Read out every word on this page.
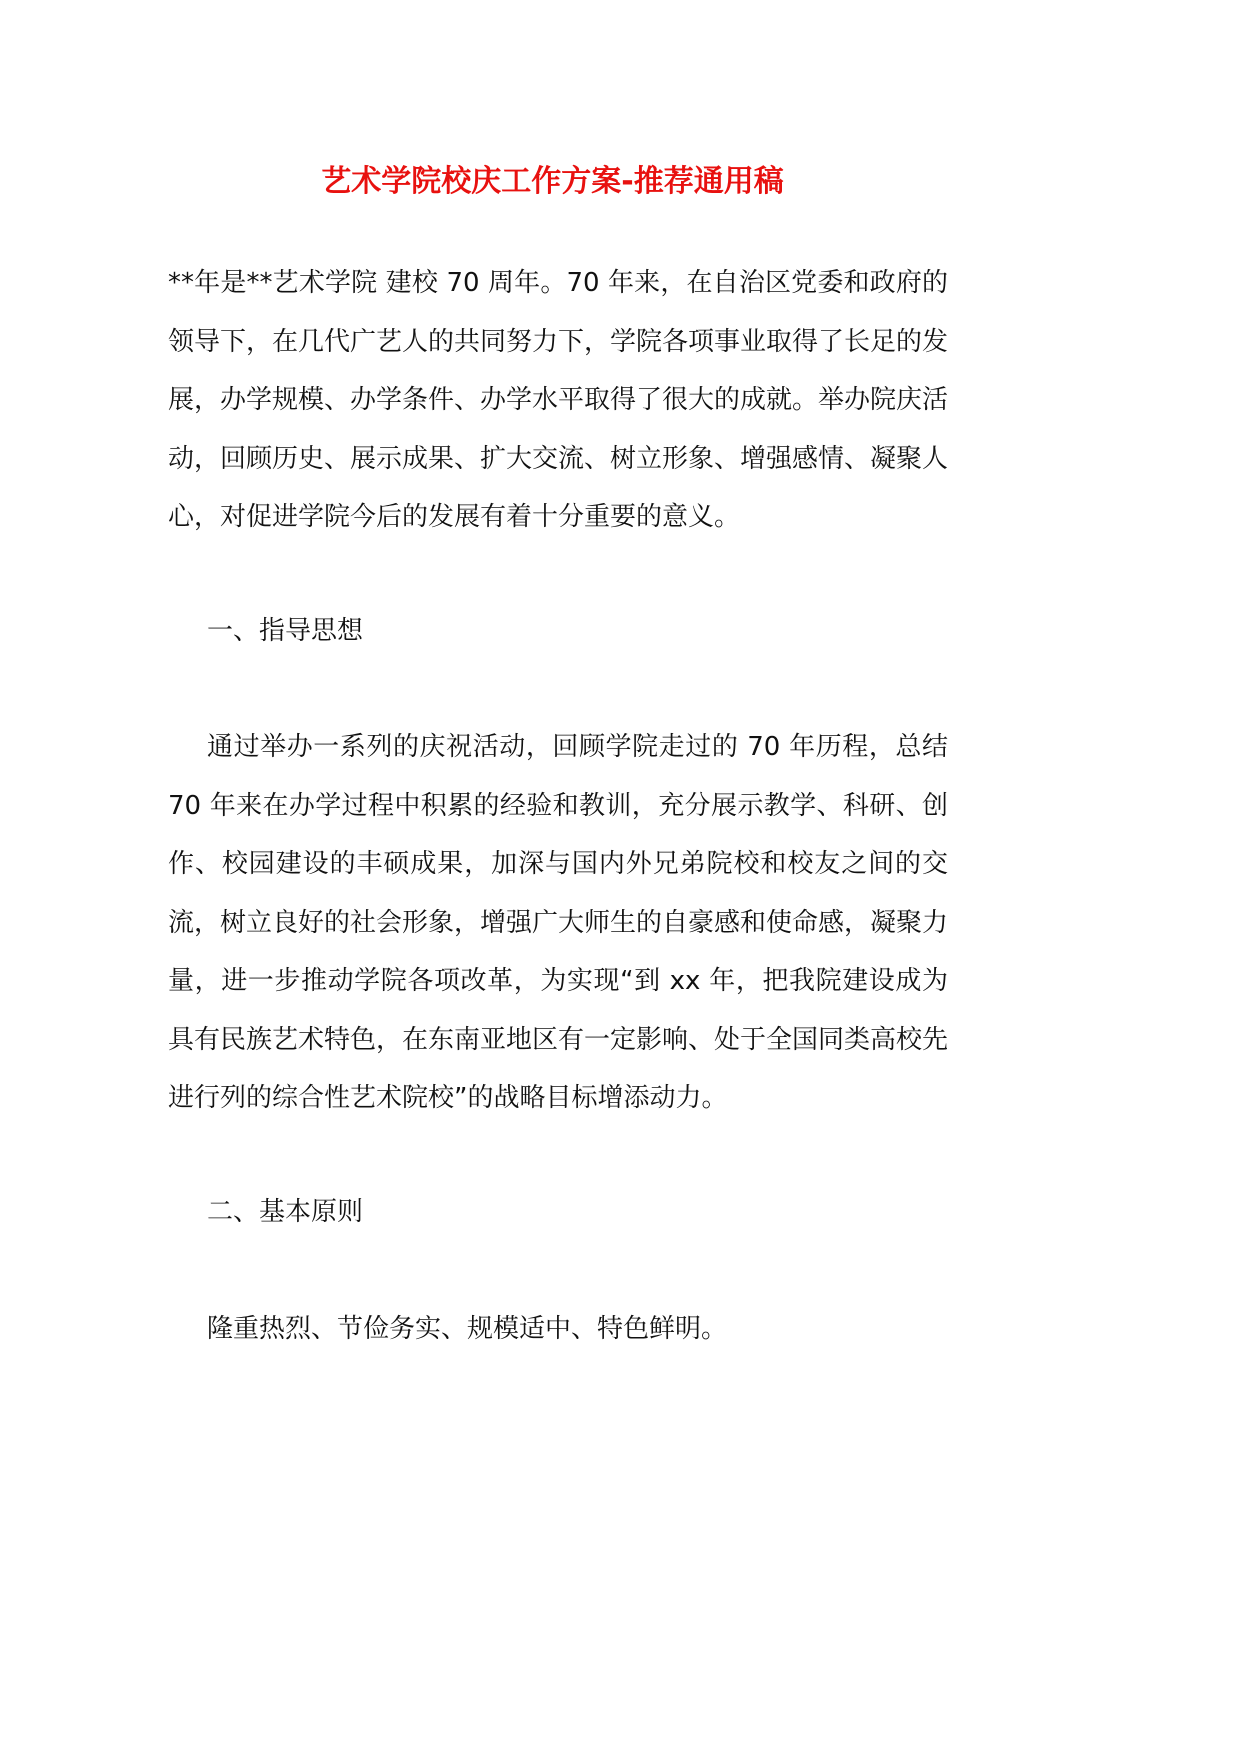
艺术学院校庆工作方案-推荐通用稿

**年是**艺术学院 建校 70 周年。70 年来，在自治区党委和政府的领导下，在几代广艺人的共同努力下，学院各项事业取得了长足的发展，办学规模、办学条件、办学水平取得了很大的成就。举办院庆活动，回顾历史、展示成果、扩大交流、树立形象、增强感情、凝聚人心，对促进学院今后的发展有着十分重要的意义。

一、指导思想

通过举办一系列的庆祝活动，回顾学院走过的 70 年历程，总结 70 年来在办学过程中积累的经验和教训，充分展示教学、科研、创作、校园建设的丰硕成果，加深与国内外兄弟院校和校友之间的交流，树立良好的社会形象，增强广大师生的自豪感和使命感，凝聚力量，进一步推动学院各项改革，为实现“到 xx 年，把我院建设成为具有民族艺术特色，在东南亚地区有一定影响、处于全国同类高校先进行列的综合性艺术院校”的战略目标增添动力。

二、基本原则

隆重热烈、节俭务实、规模适中、特色鲜明。
